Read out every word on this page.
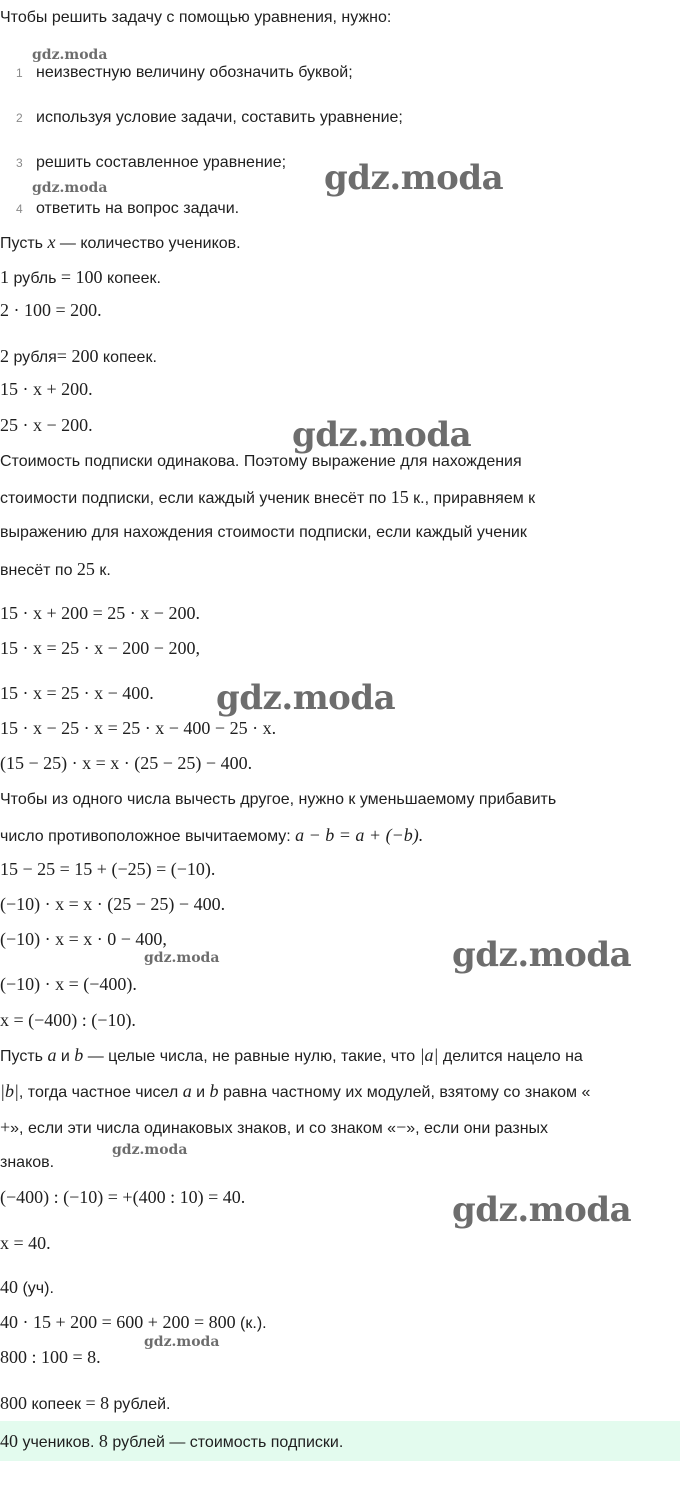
Чтобы решить задачу с помощью уравнения, нужно:
1 неизвестную величину обозначить буквой;
2 используя условие задачи, составить уравнение;
3 решить составленное уравнение;
4 ответить на вопрос задачи.
Пусть x — количество учеников.
1 рубль = 100 копеек.
2 · 100 = 200.
2 рубля= 200 копеек.
15 · x + 200.
25 · x − 200.
Стоимость подписки одинакова. Поэтому выражение для нахождения
стоимости подписки, если каждый ученик внесёт по 15 к., приравняем к
выражению для нахождения стоимости подписки, если каждый ученик
внесёт по 25 к.
15 · x + 200 = 25 · x − 200.
15 · x = 25 · x − 200 − 200,
15 · x = 25 · x − 400.
15 · x − 25 · x = 25 · x − 400 − 25 · x.
(15 − 25) · x = x · (25 − 25) − 400.
Чтобы из одного числа вычесть другое, нужно к уменьшаемому прибавить
число противоположное вычитаемому: a − b = a + (−b).
15 − 25 = 15 + (−25) = (−10).
(−10) · x = x · (25 − 25) − 400.
(−10) · x = x · 0 − 400,
(−10) · x = (−400).
x = (−400) : (−10).
Пусть a и b — целые числа, не равные нулю, такие, что |a| делится нацело на
|b|, тогда частное чисел a и b равна частному их модулей, взятому со знаком «
+», если эти числа одинаковых знаков, и со знаком «−», если они разных
знаков.
(−400) : (−10) = +(400 : 10) = 40.
x = 40.
40 (уч).
40 · 15 + 200 = 600 + 200 = 800 (к.).
800 : 100 = 8.
800 копеек = 8 рублей.
40 учеников. 8 рублей — стоимость подписки.
gdz.moda
gdz.moda
gdz.moda
gdz.moda
gdz.moda
gdz.moda
gdz.moda
gdz.moda
gdz.moda
gdz.moda
